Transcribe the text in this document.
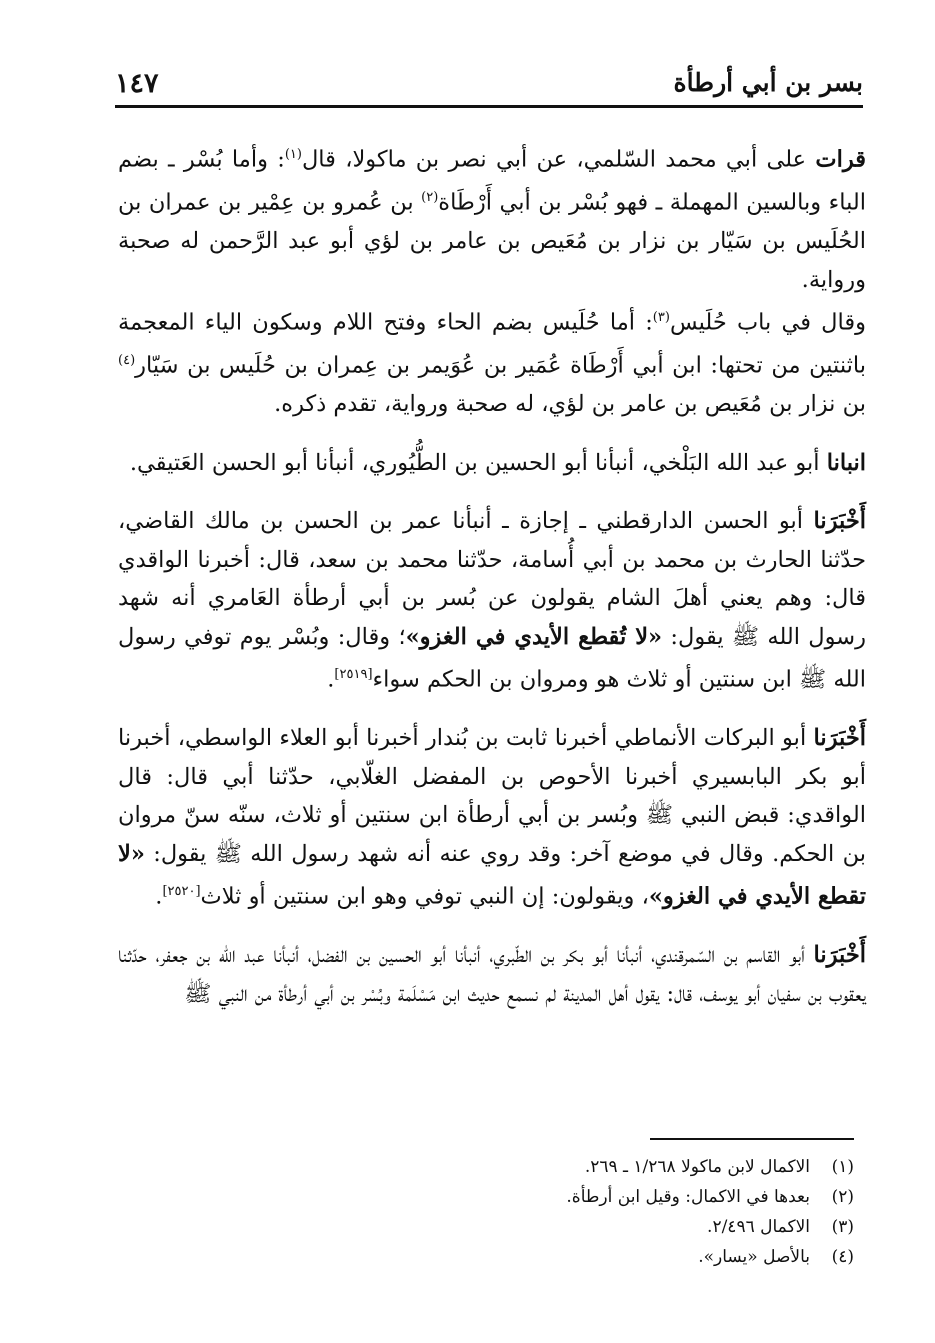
بسر بن أبي أرطأة
١٤٧

قرات على أبي محمد السّلمي، عن أبي نصر بن ماكولا، قال$^{(١)}$: وأما بُسْر ـ بضم الباء وبالسين المهملة ـ فهو بُسْر بن أبي أَرْطَاة$^{(٢)}$ بن عُمرو بن عِمْير بن عمران بن الحُلَيس بن سَيّار بن نزار بن مُعَيص بن عامر بن لؤي أبو عبد الرَّحمن له صحبة ورواية.

وقال في باب حُلَيس$^{(٣)}$: أما حُلَيس بضم الحاء وفتح اللام وسكون الياء المعجمة باثنتين من تحتها: ابن أبي أَرْطَاة عُمَير بن عُوَيمر بن عِمران بن حُلَيس بن سَيّار$^{(٤)}$ بن نزار بن مُعَيص بن عامر بن لؤي، له صحبة ورواية، تقدم ذكره.

انبانا أبو عبد الله البَلْخي، أنبأنا أبو الحسين بن الطُّيُوري، أنبأنا أبو الحسن العَتيقي.

أَخْبَرَنا أبو الحسن الدارقطني ـ إجازة ـ أنبأنا عمر بن الحسن بن مالك القاضي، حدّثنا الحارث بن محمد بن أبي أُسامة، حدّثنا محمد بن سعد، قال: أخبرنا الواقدي قال: وهم يعني أهلَ الشام يقولون عن بُسر بن أبي أرطأة العَامري أنه شهد رسول الله ﷺ يقول: «لا تُقطع الأيدي في الغزو»؛ وقال: وبُسْر يوم توفي رسول الله ﷺ ابن سنتين أو ثلاث هو ومروان بن الحكم سواء[٢٥١٩].

أَخْبَرَنا أبو البركات الأنماطي أخبرنا ثابت بن بُندار أخبرنا أبو العلاء الواسطي، أخبرنا أبو بكر البابسيري أخبرنا الأحوص بن المفضل الغلّابي، حدّثنا أبي قال: قال الواقدي: قبض النبي ﷺ وبُسر بن أبي أرطأة ابن سنتين أو ثلاث، سنّه سنّ مروان بن الحكم. وقال في موضع آخر: وقد روي عنه أنه شهد رسول الله ﷺ يقول: «لا تقطع الأيدي في الغزو»، ويقولون: إن النبي توفي وهو ابن سنتين أو ثلاث[٢٥٢٠].

أَخْبَرَنا أبو القاسم بن السّمرقندي، أنبأنا أبو بكر بن الطّبري، أنبأنا أبو الحسين بن الفضل، أنبأنا عبد الله بن جعفر، حدّثنا يعقوب بن سفيان أبو يوسف، قال: يقول أهل المدينة لم نسمع حديث ابن مَسْلَمة وبُسْر بن أبي أرطأة من النبي ﷺ

(١)
الاكمال لابن ماكولا ١/٢٦٨ ـ ٢٦٩.
(٢)
بعدها في الاكمال: وقيل ابن أرطأة.
(٣)
الاكمال ٢/٤٩٦.
(٤)
بالأصل «يسار».
